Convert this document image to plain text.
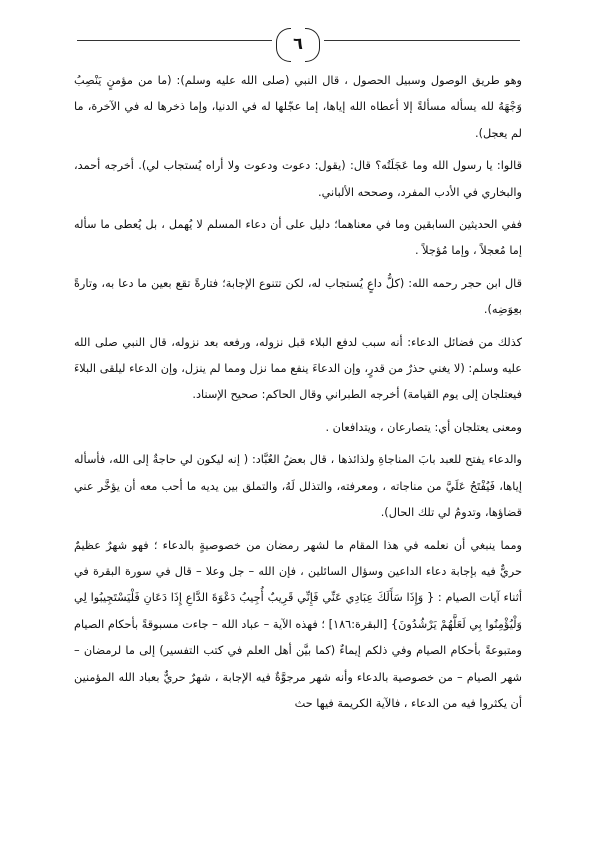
٦

وهو طريق الوصول وسبيل الحصول ، قال النبي (صلى الله عليه وسلم): (ما من مؤمنٍ يَنْصِبُ وَجْهَهُ لله يسأله مسألةً إلا أعطاه الله إياها، إما عجّلها له في الدنيا، وإما ذخرها له في الآخرة، ما لم يعجل).

قالوا: يا رسول الله وما عَجَلَتُه؟ قال: (يقول: دعوت ودعوت ولا أراه يُستجاب لي). أخرجه أحمد، والبخاري في الأدب المفرد، وصححه الألباني.

ففي الحديثين السابقين وما في معناهما؛ دليل على أن دعاء المسلم لا يُهمل ، بل يُعطى ما سأله إما مُعجلاً ، وإما مُؤجلاً .

قال ابن حجر رحمه الله: (كلُّ داعٍ يُستجاب له، لكن تتنوع الإجابة؛ فتارةً تقع بعين ما دعا به، وتارةً بعِوَضِه).

كذلك من فضائل الدعاء: أنه سبب لدفع البلاء قبل نزوله، ورفعه بعد نزوله، قال النبي صلى الله عليه وسلم: (لا يغني حذرٌ من قدرٍ، وإن الدعاءَ ينفع مما نزل ومما لم ينزل، وإن الدعاء ليلقى البلاءَ فيعتلجان إلى يوم القيامة) أخرجه الطبراني وقال الحاكم: صحيح الإسناد.

ومعنى يعتلجان أي: يتصارعان ، ويتدافعان .

والدعاء يفتح للعبد بابَ المناجاةِ ولذائذها ، قال بعضُ العُبَّاد: ( إنه ليكون لي حاجةٌ إلى الله، فأسأله إياها، فَيُفْتَحُ عَلَيَّ من مناجاته ، ومعرفته، والتذلل لَهُ، والتملق بين يديه ما أحب معه أن يؤخَّر عني قضاؤها، وتدومُ لي تلك الحال).

ومما ينبغي أن نعلمه في هذا المقام ما لشهر رمضان من خصوصيةٍ بالدعاء ؛ فهو شهرٌ عظيمٌ حريٌّ فيه بإجابة دعاء الداعين وسؤال السائلين ، فإن الله – جل وعلا – قال في سورة البقرة في أثناء آيات الصيام : { وَإِذَا سَأَلَكَ عِبَادِي عَنِّي فَإِنِّي قَرِيبٌ أُجِيبُ دَعْوَةَ الدَّاعِ إِذَا دَعَانِ فَلْيَسْتَجِيبُوا لِي وَلْيُؤْمِنُوا بِي لَعَلَّهُمْ يَرْشُدُونَ} [البقرة:١٨٦] ؛ فهذه الآية – عباد الله – جاءت مسبوقةً بأحكام الصيام ومتبوعةً بأحكام الصيام وفي ذلكم إيماءٌ (كما بيَّن أهل العلم في كتب التفسير) إلى ما لرمضان – شهر الصيام – من خصوصية بالدعاء وأنه شهر مرجوَّةٌ فيه الإجابة ، شهرٌ حريٌّ بعباد الله المؤمنين أن يكثروا فيه من الدعاء ، فالآية الكريمة فيها حث
